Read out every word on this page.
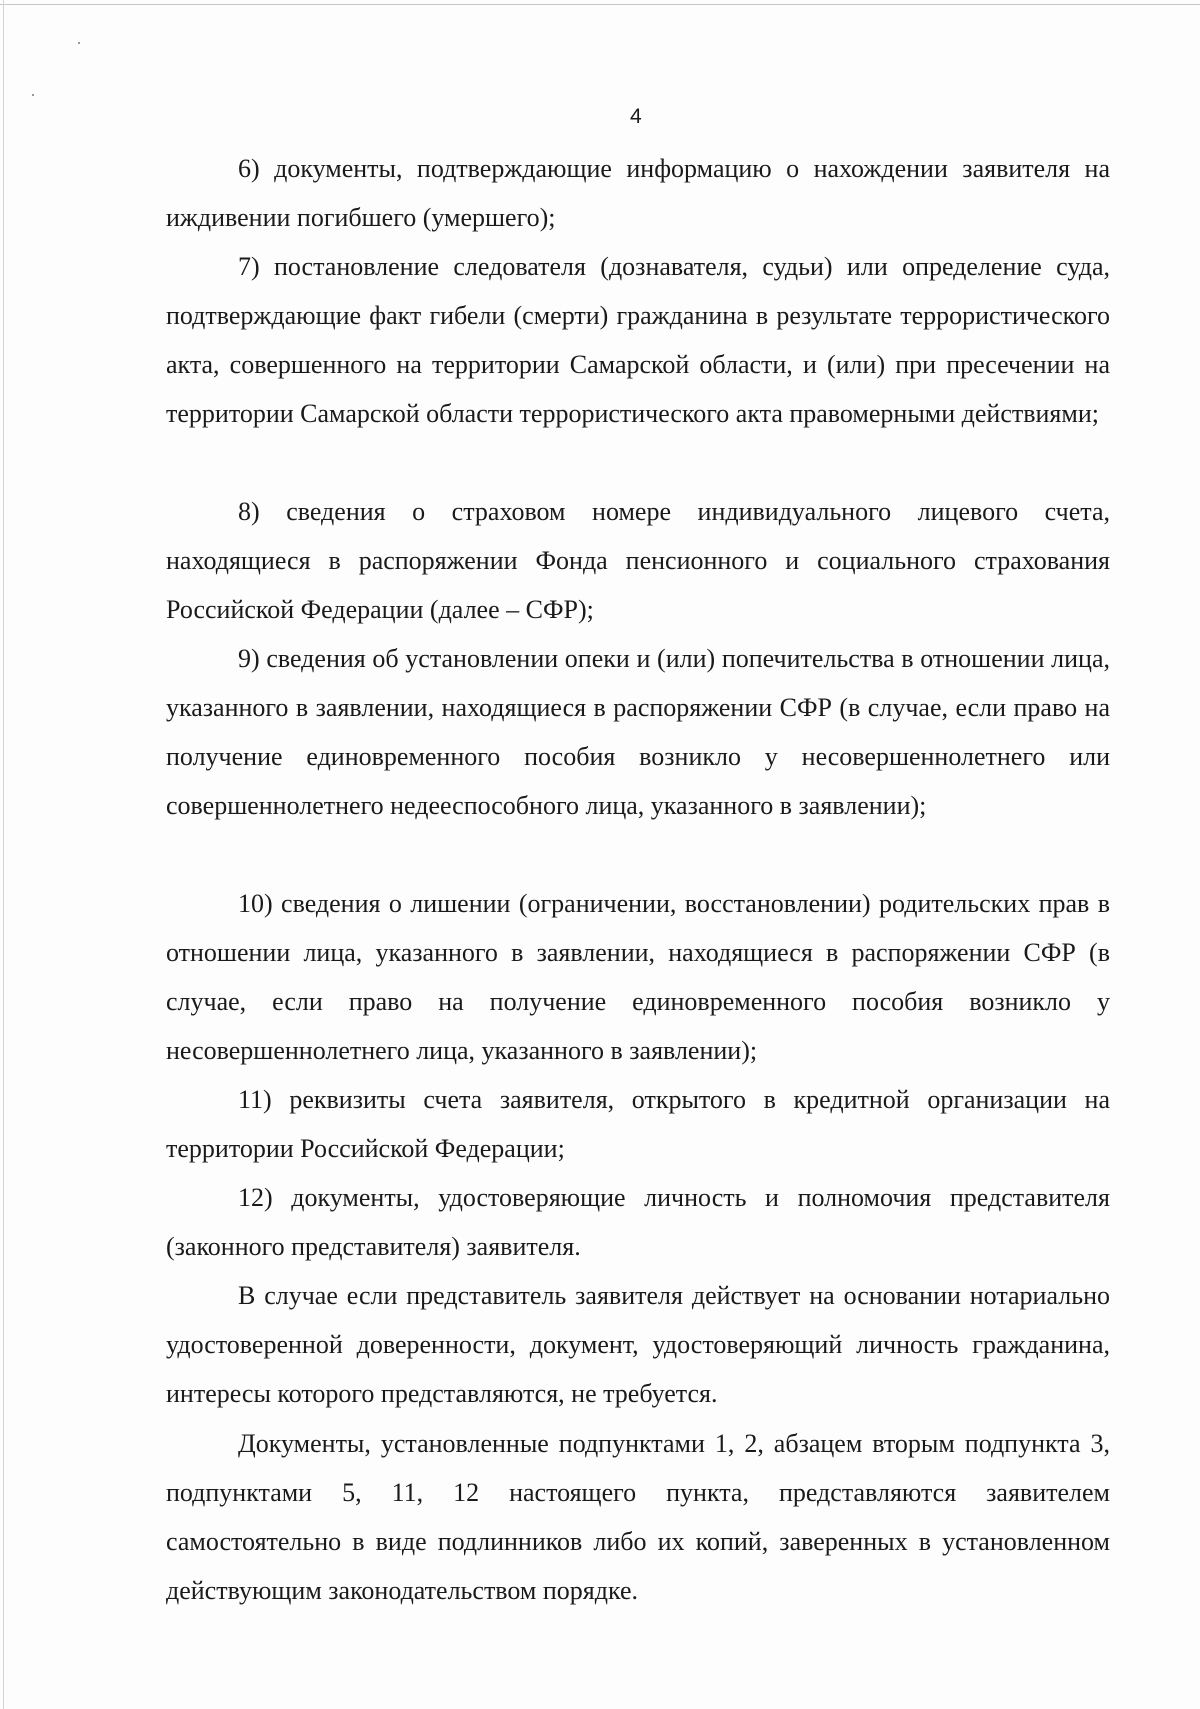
4

6) документы, подтверждающие информацию о нахождении заявителя на иждивении погибшего (умершего);

7) постановление следователя (дознавателя, судьи) или определение суда, подтверждающие факт гибели (смерти) гражданина в результате террористического акта, совершенного на территории Самарской области, и (или) при пресечении на территории Самарской области террористического акта правомерными действиями;

8) сведения о страховом номере индивидуального лицевого счета, находящиеся в распоряжении Фонда пенсионного и социального страхования Российской Федерации (далее – СФР);

9) сведения об установлении опеки и (или) попечительства в отношении лица, указанного в заявлении, находящиеся в распоряжении СФР (в случае, если право на получение единовременного пособия возникло у несовершеннолетнего или совершеннолетнего недееспособного лица, указанного в заявлении);

10) сведения о лишении (ограничении, восстановлении) родительских прав в отношении лица, указанного в заявлении, находящиеся в распоряжении СФР (в случае, если право на получение единовременного пособия возникло у несовершеннолетнего лица, указанного в заявлении);

11) реквизиты счета заявителя, открытого в кредитной организации на территории Российской Федерации;

12) документы, удостоверяющие личность и полномочия представителя (законного представителя) заявителя.

В случае если представитель заявителя действует на основании нотариально удостоверенной доверенности, документ, удостоверяющий личность гражданина, интересы которого представляются, не требуется.

Документы, установленные подпунктами 1, 2, абзацем вторым подпункта 3, подпунктами 5, 11, 12 настоящего пункта, представляются заявителем самостоятельно в виде подлинников либо их копий, заверенных в установленном действующим законодательством порядке.
